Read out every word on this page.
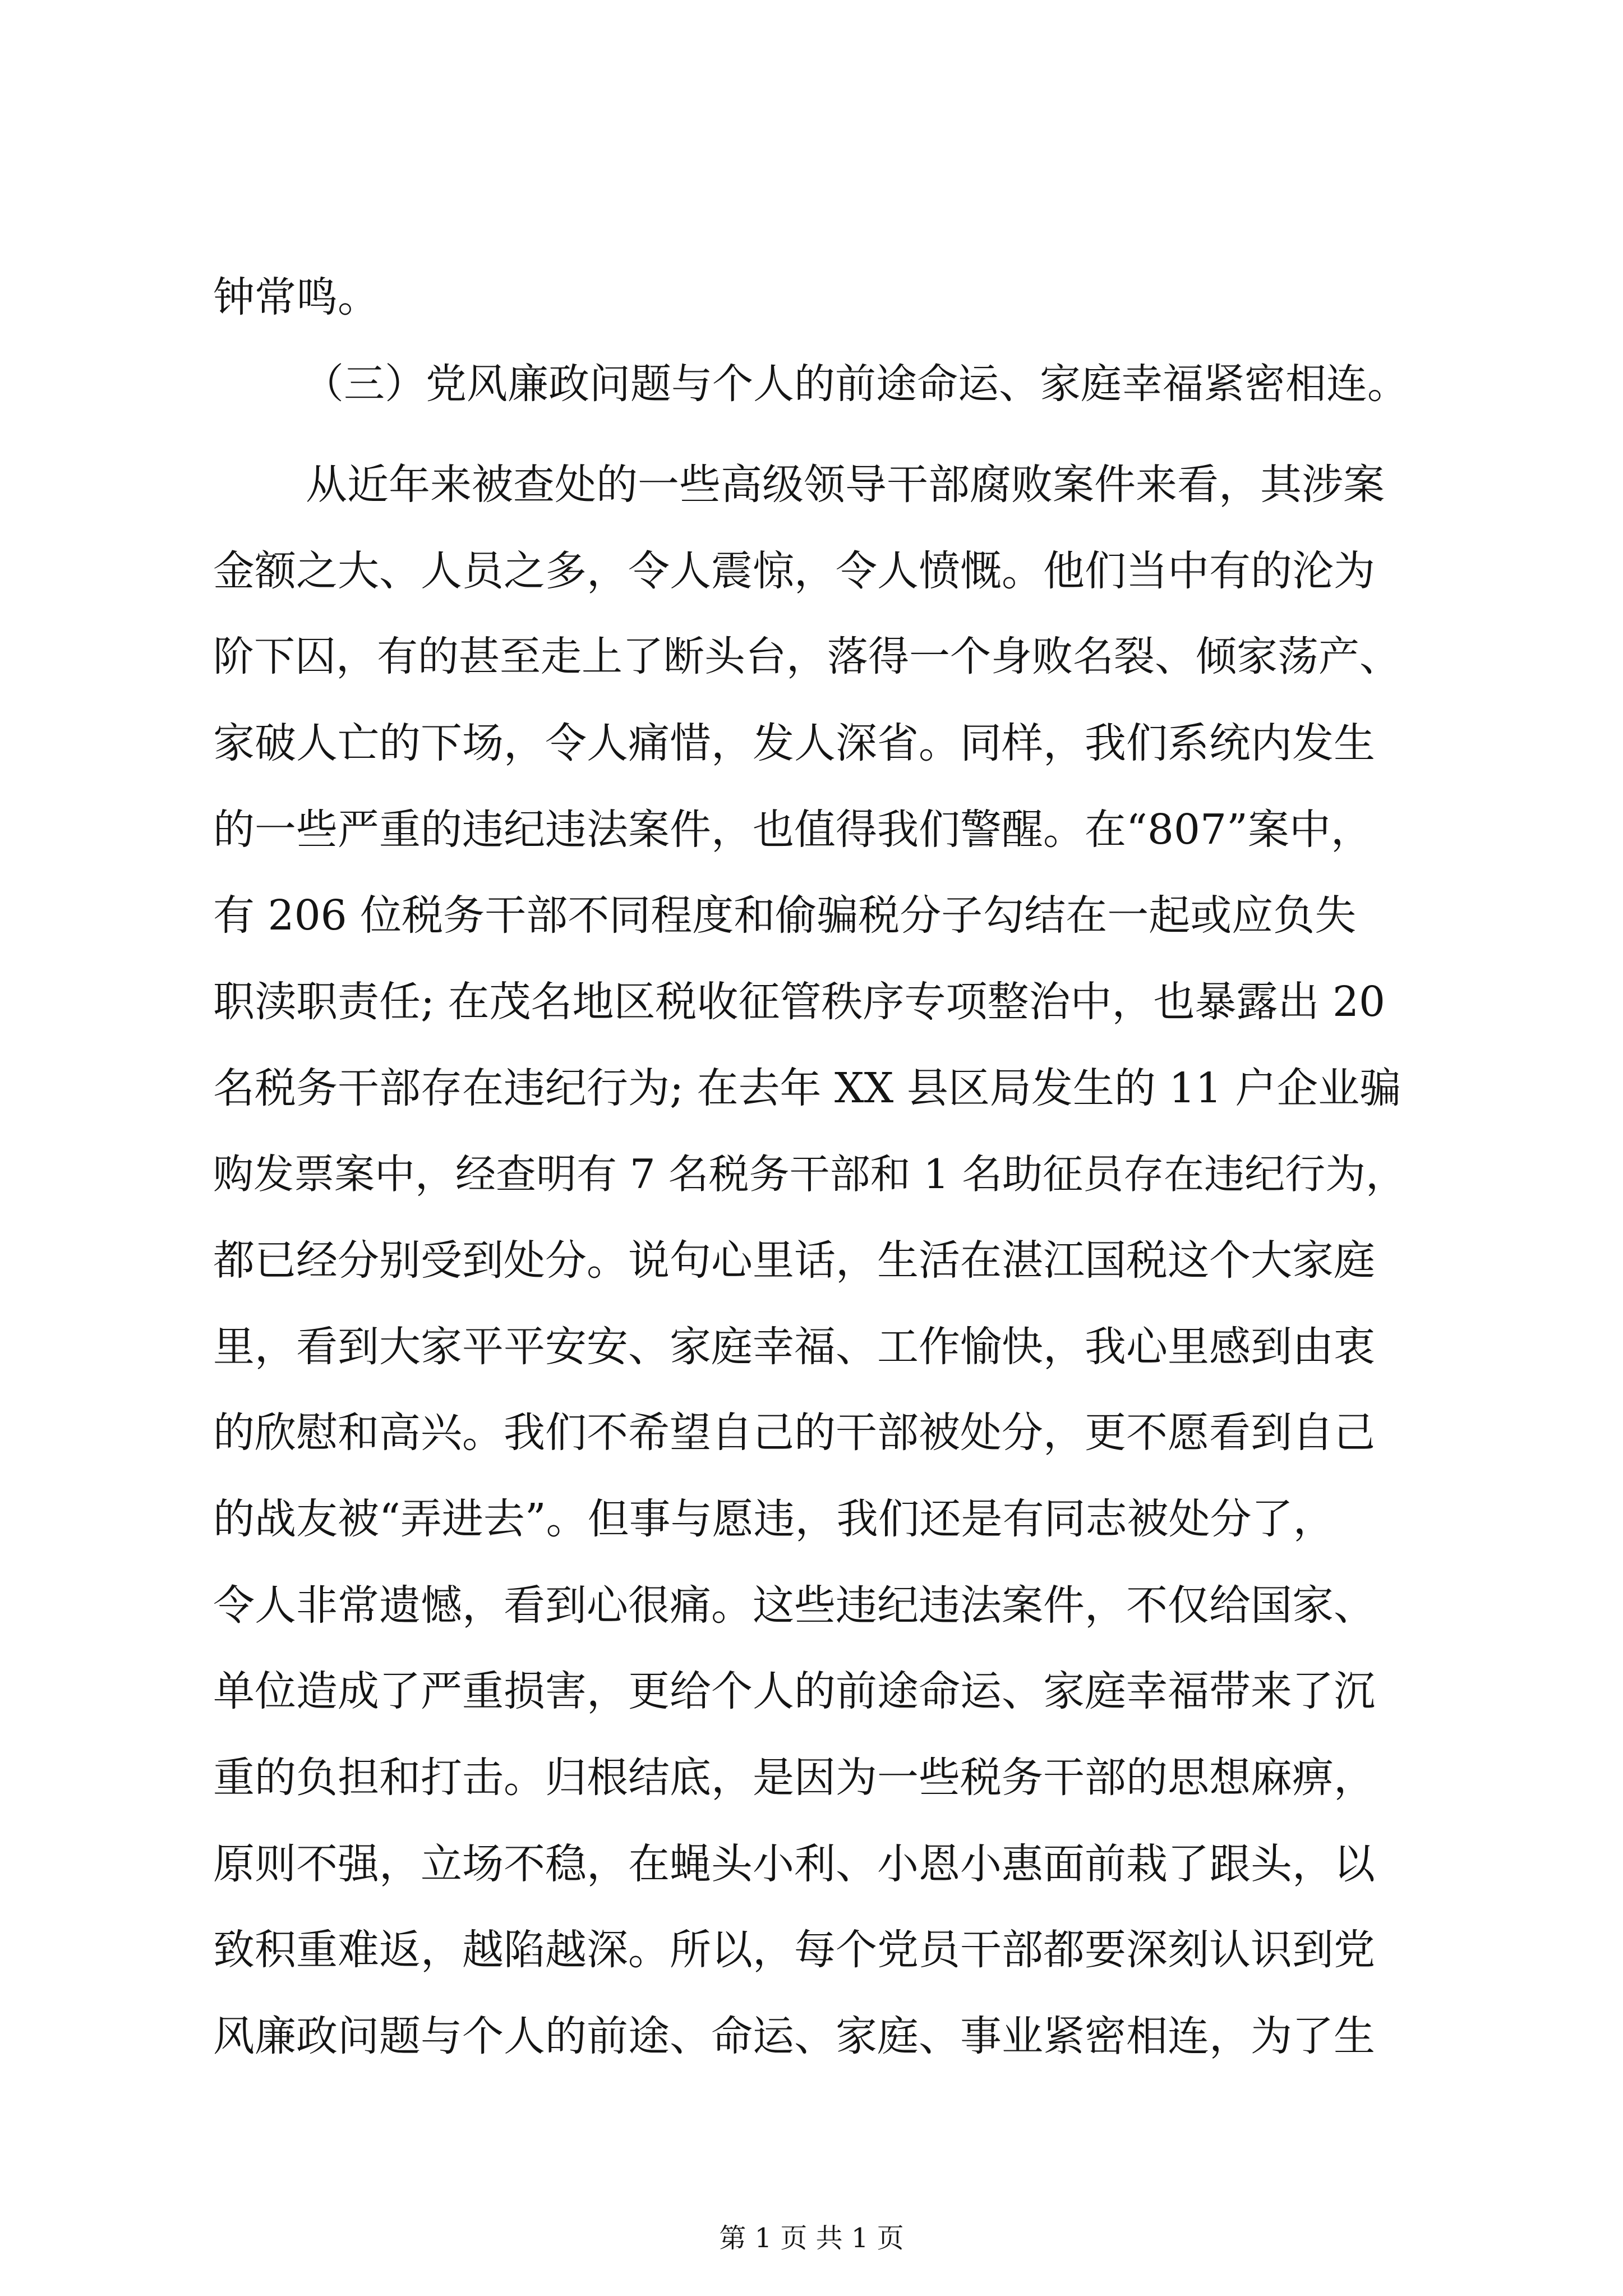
钟常鸣。
（三）党风廉政问题与个人的前途命运、家庭幸福紧密相连。
从近年来被查处的一些高级领导干部腐败案件来看，其涉案
金额之大、人员之多，令人震惊，令人愤慨。他们当中有的沦为
阶下囚，有的甚至走上了断头台，落得一个身败名裂、倾家荡产、
家破人亡的下场，令人痛惜，发人深省。同样，我们系统内发生
的一些严重的违纪违法案件，也值得我们警醒。在“807”案中，
有 206 位税务干部不同程度和偷骗税分子勾结在一起或应负失
职渎职责任; 在茂名地区税收征管秩序专项整治中，也暴露出 20
名税务干部存在违纪行为; 在去年 XX 县区局发生的 11 户企业骗
购发票案中，经查明有 7 名税务干部和 1 名助征员存在违纪行为，
都已经分别受到处分。说句心里话，生活在湛江国税这个大家庭
里，看到大家平平安安、家庭幸福、工作愉快，我心里感到由衷
的欣慰和高兴。我们不希望自己的干部被处分，更不愿看到自己
的战友被“弄进去”。但事与愿违，我们还是有同志被处分了，
令人非常遗憾，看到心很痛。这些违纪违法案件，不仅给国家、
单位造成了严重损害，更给个人的前途命运、家庭幸福带来了沉
重的负担和打击。归根结底，是因为一些税务干部的思想麻痹，
原则不强，立场不稳，在蝇头小利、小恩小惠面前栽了跟头，以
致积重难返，越陷越深。所以，每个党员干部都要深刻认识到党
风廉政问题与个人的前途、命运、家庭、事业紧密相连，为了生
第 1 页 共 1 页
